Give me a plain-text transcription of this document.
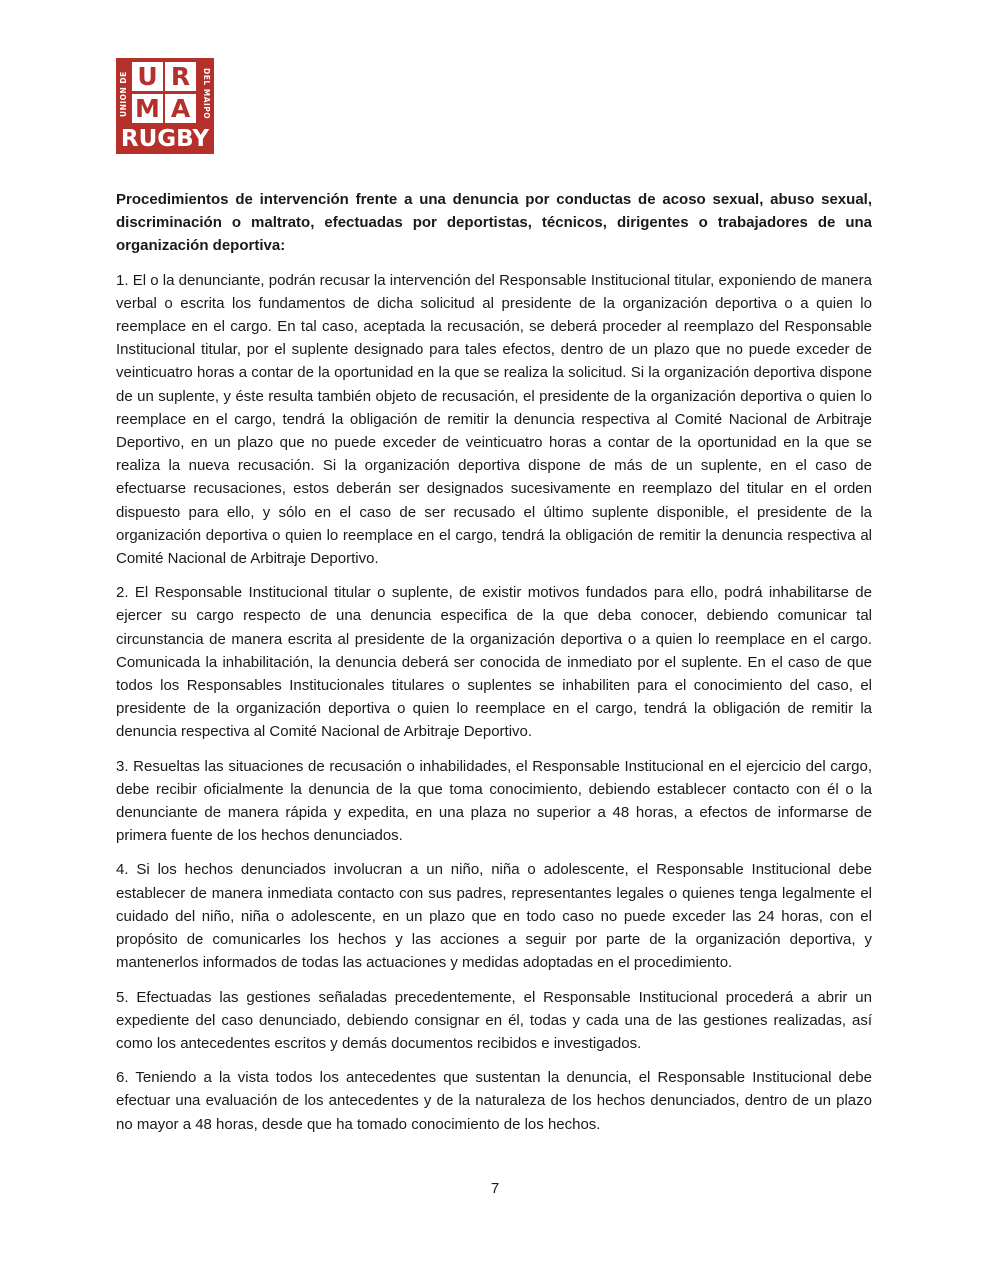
UNION DE U R
M A	DEL MAIPO
RUGBY

Procedimientos de intervención frente a una denuncia por conductas de acoso sexual, abuso sexual, discriminación o maltrato, efectuadas por deportistas, técnicos, dirigentes o trabajadores de una organización deportiva:

1. El o la denunciante, podrán recusar la intervención del Responsable Institucional titular, exponiendo de manera verbal o escrita los fundamentos de dicha solicitud al presidente de la organización deportiva o a quien lo reemplace en el cargo. En tal caso, aceptada la recusación, se deberá proceder al reemplazo del Responsable Institucional titular, por el suplente designado para tales efectos, dentro de un plazo que no puede exceder de veinticuatro horas a contar de la oportunidad en la que se realiza la solicitud. Si la organización deportiva dispone de un suplente, y éste resulta también objeto de recusación, el presidente de la organización deportiva o quien lo reemplace en el cargo, tendrá la obligación de remitir la denuncia respectiva al Comité Nacional de Arbitraje Deportivo, en un plazo que no puede exceder de veinticuatro horas a contar de la oportunidad en la que se realiza la nueva recusación. Si la organización deportiva dispone de más de un suplente, en el caso de efectuarse recusaciones, estos deberán ser designados sucesivamente en reemplazo del titular en el orden dispuesto para ello, y sólo en el caso de ser recusado el último suplente disponible, el presidente de la organización deportiva o quien lo reemplace en el cargo, tendrá la obligación de remitir la denuncia respectiva al Comité Nacional de Arbitraje Deportivo.

2. El Responsable Institucional titular o suplente, de existir motivos fundados para ello, podrá inhabilitarse de ejercer su cargo respecto de una denuncia especifica de la que deba conocer, debiendo comunicar tal circunstancia de manera escrita al presidente de la organización deportiva o a quien lo reemplace en el cargo. Comunicada la inhabilitación, la denuncia deberá ser conocida de inmediato por el suplente. En el caso de que todos los Responsables Institucionales titulares o suplentes se inhabiliten para el conocimiento del caso, el presidente de la organización deportiva o quien lo reemplace en el cargo, tendrá la obligación de remitir la denuncia respectiva al Comité Nacional de Arbitraje Deportivo.

3. Resueltas las situaciones de recusación o inhabilidades, el Responsable Institucional en el ejercicio del cargo, debe recibir oficialmente la denuncia de la que toma conocimiento, debiendo establecer contacto con él o la denunciante de manera rápida y expedita, en una plaza no superior a 48 horas, a efectos de informarse de primera fuente de los hechos denunciados.

4. Si los hechos denunciados involucran a un niño, niña o adolescente, el Responsable Institucional debe establecer de manera inmediata contacto con sus padres, representantes legales o quienes tenga legalmente el cuidado del niño, niña o adolescente, en un plazo que en todo caso no puede exceder las 24 horas, con el propósito de comunicarles los hechos y las acciones a seguir por parte de la organización deportiva, y mantenerlos informados de todas las actuaciones y medidas adoptadas en el procedimiento.

5. Efectuadas las gestiones señaladas precedentemente, el Responsable Institucional procederá a abrir un expediente del caso denunciado, debiendo consignar en él, todas y cada una de las gestiones realizadas, así como los antecedentes escritos y demás documentos recibidos e investigados.

6. Teniendo a la vista todos los antecedentes que sustentan la denuncia, el Responsable Institucional debe efectuar una evaluación de los antecedentes y de la naturaleza de los hechos denunciados, dentro de un plazo no mayor a 48 horas, desde que ha tomado conocimiento de los hechos.

7
